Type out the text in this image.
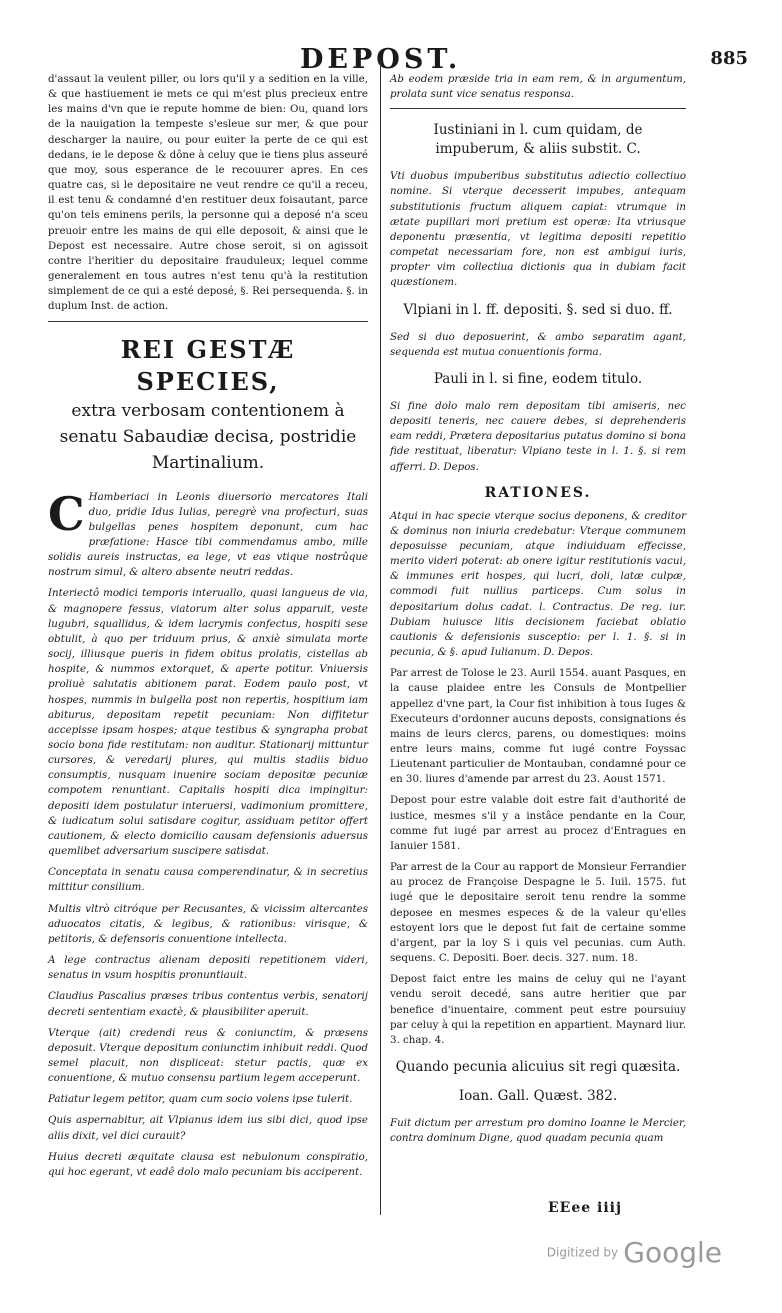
DEPOST.	885

d'assaut la veulent piller, ou lors qu'il y a sedition en la ville, & que hastiuement ie mets ce qui m'est plus precieux entre les mains d'vn que ie repute homme de bien: Ou, quand lors de la nauigation la tempeste s'esleue sur mer, & que pour descharger la nauire, ou pour euiter la perte de ce qui est dedans, ie le depose & dône à celuy que ie tiens plus asseuré que moy, sous esperance de le recouurer apres. En ces quatre cas, si le depositaire ne veut rendre ce qu'il a receu, il est tenu & condamné d'en restituer deux foisautant, parce qu'on tels eminens perils, la personne qui a deposé n'a sceu preuoir entre les mains de qui elle deposoit, & ainsi que le Depost est necessaire. Autre chose seroit, si on agissoit contre l'heritier du depositaire frauduleux; lequel comme generalement en tous autres n'est tenu qu'à la restitution simplement de ce qui a esté deposé, §. Rei persequenda. §. in duplum Inst. de action.

REI GESTÆ SPECIES,
extra verbosam contentionem à senatu Sabaudiæ decisa, postridie Martinalium.

C Hamberiaci in Leonis diuersorio mercatores Itali duo, pridie Idus Iulias, peregrè vna profecturi, suas bulgellas penes hospitem deponunt, cum hac præfatione: Hasce tibi commendamus ambo, mille solidis aureis instructas, ea lege, vt eas vtique nostrûque nostrum simul, & altero absente neutri reddas.

Interiectô modici temporis interuallo, quasi langueus de via, & magnopere fessus, viatorum alter solus apparuit, veste lugubri, squallidus, & idem lacrymis confectus, hospiti sese obtulit, à quo per triduum prius, & anxiè simulata morte socij, illiusque pueris in fidem obitus prolatis, cistellas ab hospite, & nummos extorquet, & aperte potitur. Vniuersis proliuè salutatis abitionem parat. Eodem paulo post, vt hospes, nummis in bulgella post non repertis, hospitium iam abiturus, depositam repetit pecuniam: Non diffitetur accepisse ipsam hospes; atque testibus & syngrapha probat socio bona fide restitutam: non auditur. Stationarij mittuntur cursores, & veredarij plures, qui multis stadiis biduo consumptis, nusquam inuenire sociam depositæ pecuniæ compotem renuntiant. Capitalis hospiti dica impingitur: depositi idem postulatur interuersi, vadimonium promittere, & iudicatum solui satisdare cogitur, assiduam petitor offert cautionem, & electo domicilio causam defensionis aduersus quemlibet adversarium suscipere satisdat.

Conceptata in senatu causa comperendinatur, & in secretius mittitur consilium.

Multis vltrò citróque per Recusantes, & vicissim altercantes aduocatos citatis, & legibus, & rationibus: virisque, & petitoris, & defensoris conuentione intellecta.

A lege contractus alienam depositi repetitionem videri, senatus in vsum hospitis pronuntiauit.

Claudius Pascalius præses tribus contentus verbis, senatorij decreti sententiam exactè, & plausibiliter aperuit.

Vterque (ait) credendi reus & coniunctim, & præsens deposuit. Vterque depositum coniunctim inhibuit reddi. Quod semel placuit, non displiceat: stetur pactis, quæ ex conuentione, & mutuo consensu partium legem acceperunt.

Patiatur legem petitor, quam cum socio volens ipse tulerit.

Quis aspernabitur, ait Vlpianus idem ius sibi dici, quod ipse aliis dixit, vel dici curauit?

Huius decreti æquitate clausa est nebulonum conspiratio, qui hoc egerant, vt eadê dolo malo pecuniam bis acciperent.

Ab eodem præside tria in eam rem, & in argumentum, prolata sunt vice senatus responsa.

Iustiniani in l. cum quidam, de impuberum, & aliis substit. C.

Vti duobus impuberibus substitutus adiectio collectiuo nomine. Si vterque decesserit impubes, antequam substitutionis fructum aliquem capiat: vtrumque in ætate pupillari mori pretium est operæ: Ita vtriusque deponentu præsentia, vt legitima depositi repetitio competat necessariam fore, non est ambigui iuris, propter vim collectiua dictionis qua in dubiam facit quæstionem.

Vlpiani in l. ff. depositi. §. sed si duo. ff.

Sed si duo deposuerint, & ambo separatim agant, sequenda est mutua conuentionis forma.

Pauli in l. si fine, eodem titulo.

Si fine dolo malo rem depositam tibi amiseris, nec depositi teneris, nec cauere debes, si deprehenderis eam reddi, Prætera depositarius putatus domino si bona fide restituat, liberatur: Vlpiano teste in l. 1. §. si rem afferri. D. Depos.

RATIONES.

Atqui in hac specie vterque socius deponens, & creditor & dominus non iniuria credebatur: Vterque communem deposuisse pecuniam, atque indiuiduam effecisse, merito videri poterat: ab onere igitur restitutionis vacui, & immunes erit hospes, qui lucri, doli, latæ culpæ, commodi fuit nullius particeps. Cum solus in depositarium dolus cadat. l. Contractus. De reg. iur. Dubiam huiusce litis decisionem faciebat oblatio cautionis & defensionis susceptio: per l. 1. §. si in pecunia, & §. apud Iulianum. D. Depos.

Par arrest de Tolose le 23. Auril 1554. auant Pasques, en la cause plaidee entre les Consuls de Montpellier appellez d'vne part, la Cour fist inhibition à tous Iuges & Executeurs d'ordonner aucuns deposts, consignations és mains de leurs clercs, parens, ou domestiques: moins entre leurs mains, comme fut iugé contre Foyssac Lieutenant particulier de Montauban, condamné pour ce en 30. liures d'amende par arrest du 23. Aoust 1571.

Depost pour estre valable doit estre fait d'authorité de iustice, mesmes s'il y a instâce pendante en la Cour, comme fut iugé par arrest au procez d'Entragues en Ianuier 1581.

Par arrest de la Cour au rapport de Monsieur Ferrandier au procez de Françoise Despagne le 5. Iuil. 1575. fut iugé que le depositaire seroit tenu rendre la somme deposee en mesmes especes & de la valeur qu'elles estoyent lors que le depost fut fait de certaine somme d'argent, par la loy S i quis vel pecunias. cum Auth. sequens. C. Depositi. Boer. decis. 327. num. 18.

Depost faict entre les mains de celuy qui ne l'ayant vendu seroit decedé, sans autre heritier que par benefice d'inuentaire, comment peut estre poursuiuy par celuy à qui la repetition en appartient. Maynard liur. 3. chap. 4.

Quando pecunia alicuius sit regi quæsita.
Ioan. Gall. Quæst. 382.

Fuit dictum per arrestum pro domino Ioanne le Mercier, contra dominum Digne, quod quadam pecunia quam

EEee iiij
Digitized by Google
